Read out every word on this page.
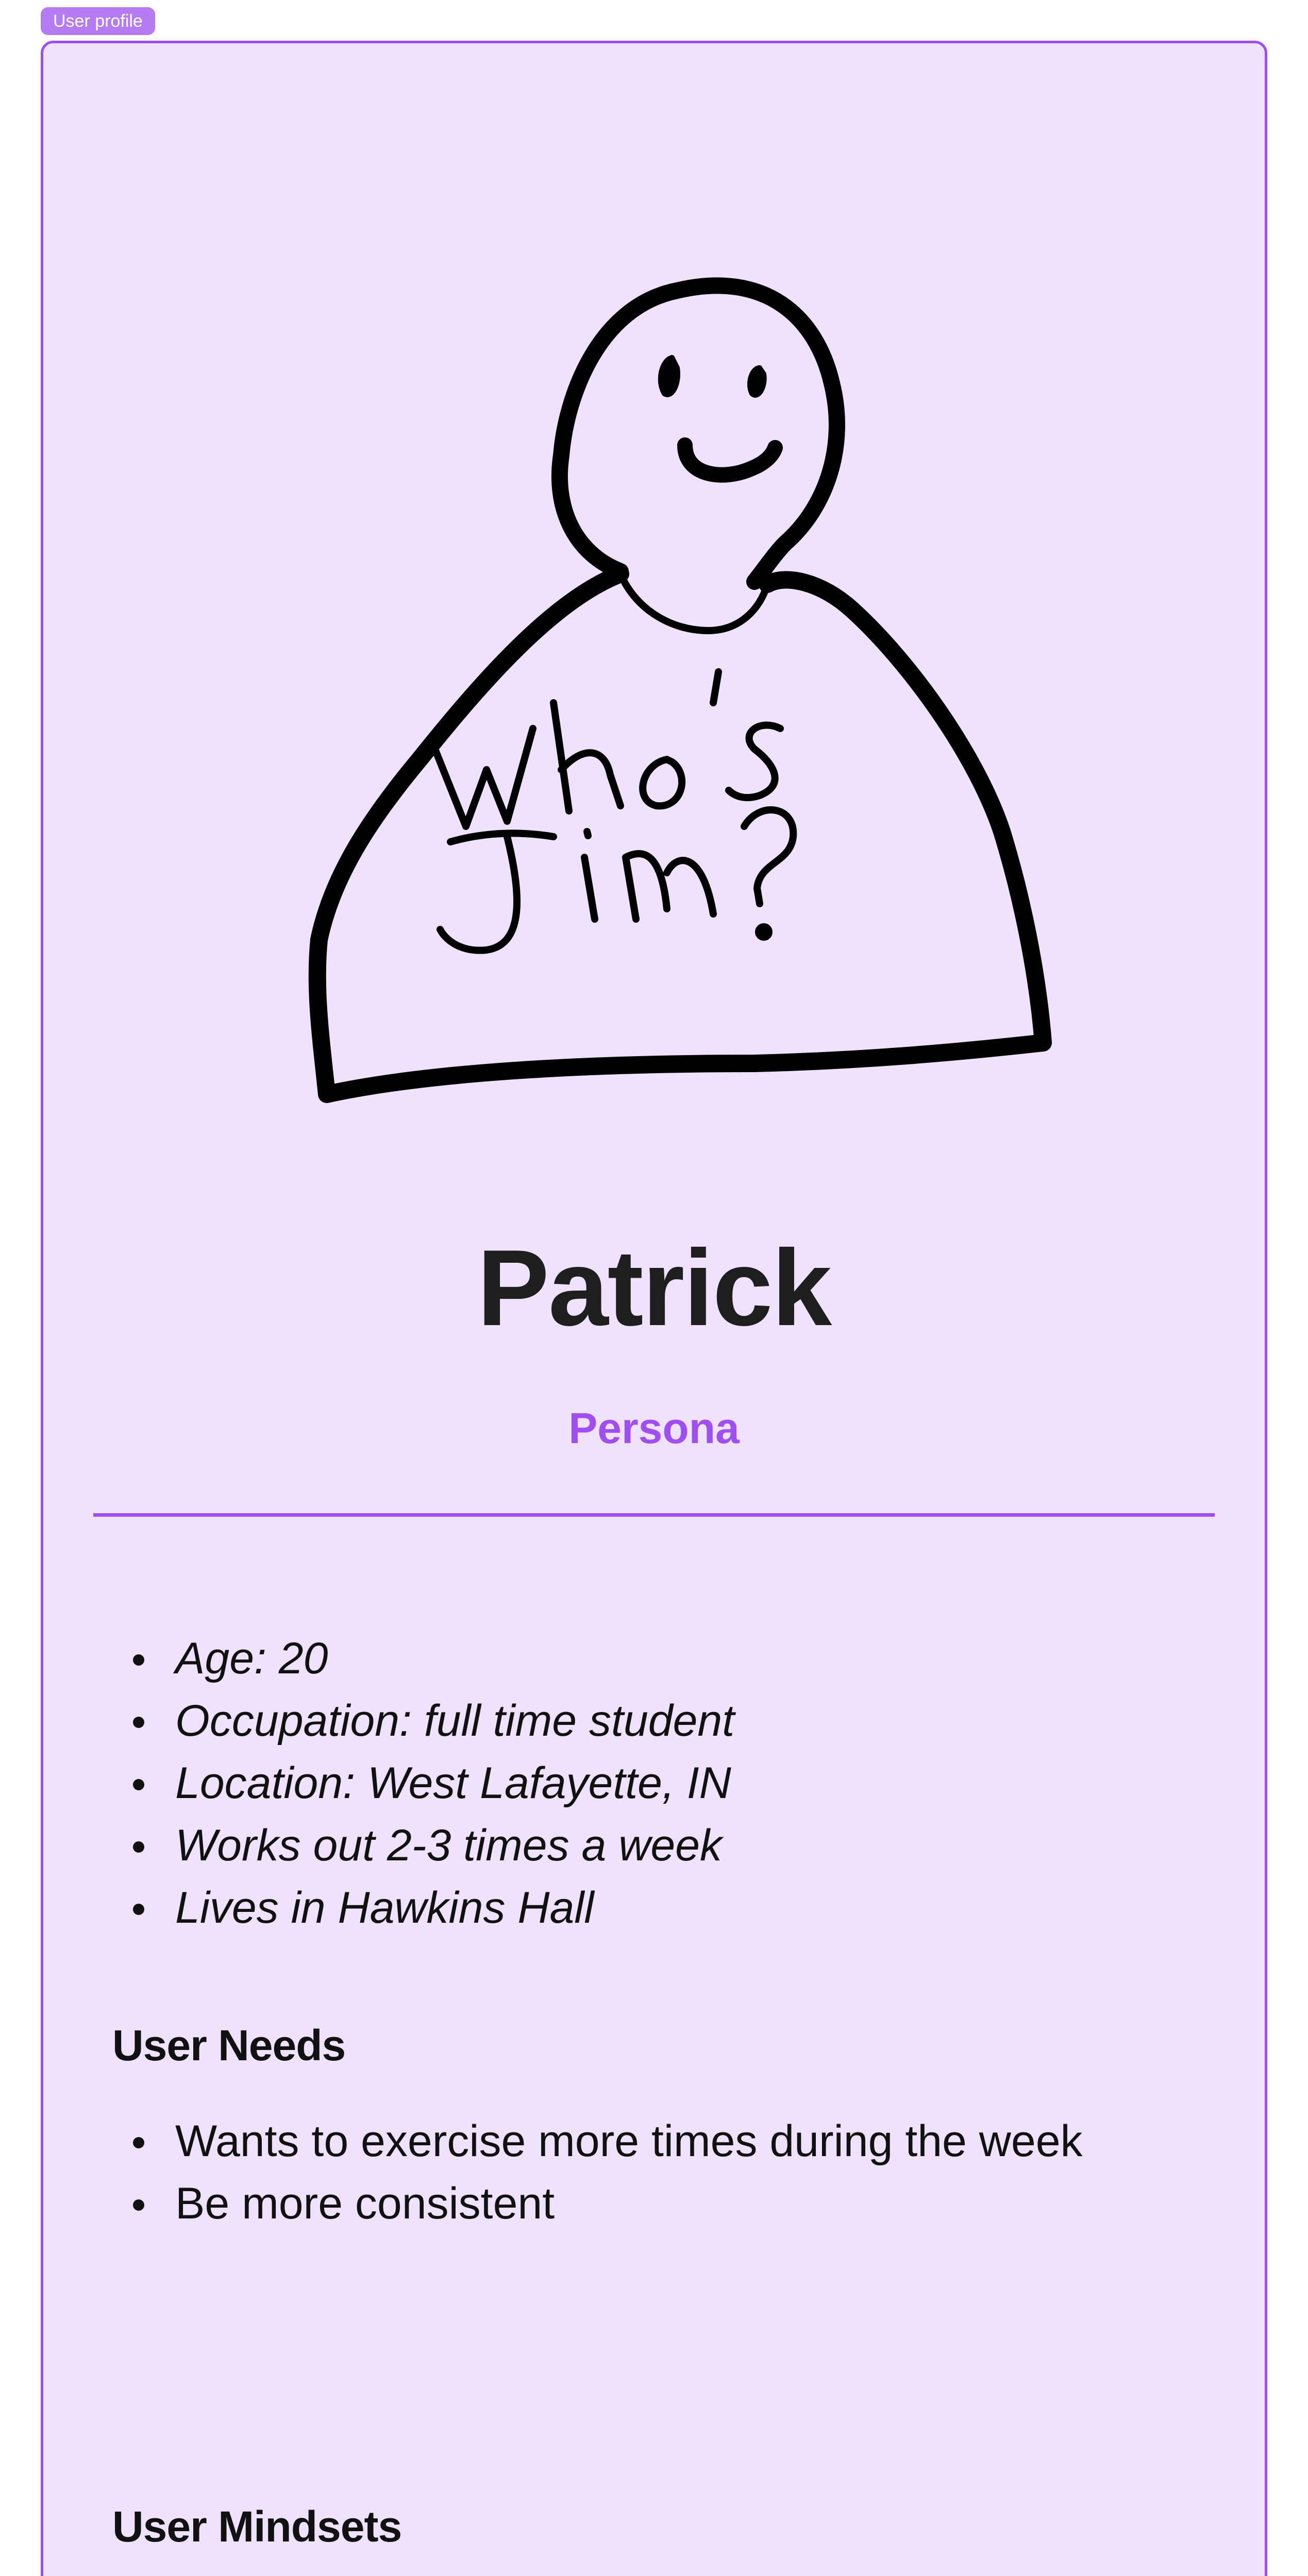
User profile
Patrick
Persona
Age: 20
Occupation: full time student
Location: West Lafayette, IN
Works out 2-3 times a week
Lives in Hawkins Hall
User Needs
Wants to exercise more times during the week
Be more consistent
User Mindsets
